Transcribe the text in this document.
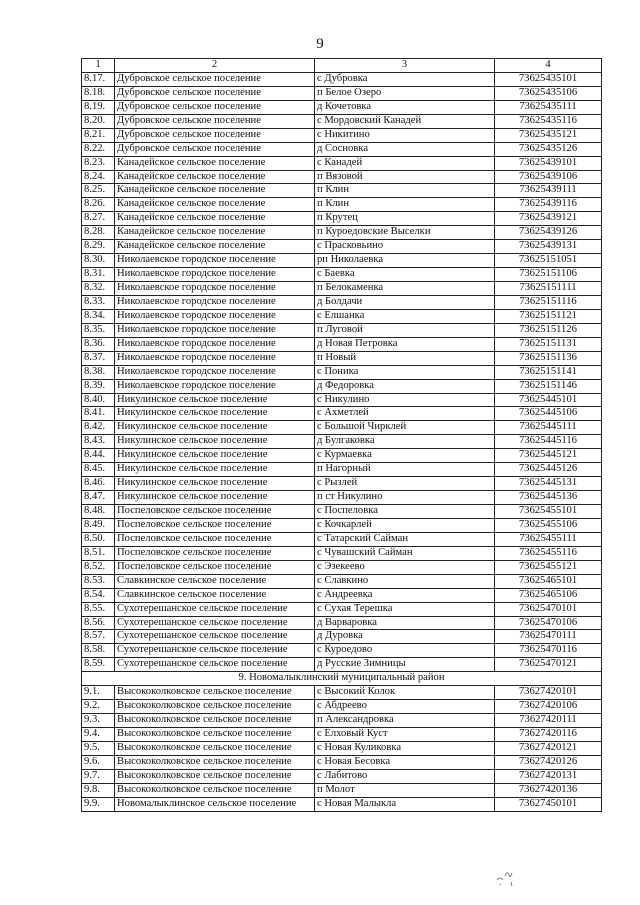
9
1	2	3	4
8.17.	Дубровское сельское поселение	с Дубровка	73625435101
8.18.	Дубровское сельское поселение	п Белое Озеро	73625435106
8.19.	Дубровское сельское поселение	д Кочетовка	73625435111
8.20.	Дубровское сельское поселение	с Мордовский Канадей	73625435116
8.21.	Дубровское сельское поселение	с Никитино	73625435121
8.22.	Дубровское сельское поселение	д Сосновка	73625435126
8.23.	Канадейское сельское поселение	с Канадей	73625439101
8.24.	Канадейское сельское поселение	п Вязовой	73625439106
8.25.	Канадейское сельское поселение	п Клин	73625439111
8.26.	Канадейское сельское поселение	п Клин	73625439116
8.27.	Канадейское сельское поселение	п Крутец	73625439121
8.28.	Канадейское сельское поселение	п Куроедовские Выселки	73625439126
8.29.	Канадейское сельское поселение	с Прасковьино	73625439131
8.30.	Николаевское городское поселение	рп Николаевка	73625151051
8.31.	Николаевское городское поселение	с Баевка	73625151106
8.32.	Николаевское городское поселение	п Белокаменка	73625151111
8.33.	Николаевское городское поселение	д Болдачи	73625151116
8.34.	Николаевское городское поселение	с Елшанка	73625151121
8.35.	Николаевское городское поселение	п Луговой	73625151126
8.36.	Николаевское городское поселение	д Новая Петровка	73625151131
8.37.	Николаевское городское поселение	п Новый	73625151136
8.38.	Николаевское городское поселение	с Поника	73625151141
8.39.	Николаевское городское поселение	д Федоровка	73625151146
8.40.	Никулинское сельское поселение	с Никулино	73625445101
8.41.	Никулинское сельское поселение	с Ахметлей	73625445106
8.42.	Никулинское сельское поселение	с Большой Чирклей	73625445111
8.43.	Никулинское сельское поселение	д Булгаковка	73625445116
8.44.	Никулинское сельское поселение	с Курмаевка	73625445121
8.45.	Никулинское сельское поселение	п Нагорный	73625445126
8.46.	Никулинское сельское поселение	с Рызлей	73625445131
8.47.	Никулинское сельское поселение	п ст Никулино	73625445136
8.48.	Поспеловское сельское поселение	с Поспеловка	73625455101
8.49.	Поспеловское сельское поселение	с Кочкарлей	73625455106
8.50.	Поспеловское сельское поселение	с Татарский Сайман	73625455111
8.51.	Поспеловское сельское поселение	с Чувашский Сайман	73625455116
8.52.	Поспеловское сельское поселение	с Эзекеево	73625455121
8.53.	Славкинское сельское поселение	с Славкино	73625465101
8.54.	Славкинское сельское поселение	с Андреевка	73625465106
8.55.	Сухотерешанское сельское поселение	с Сухая Терешка	73625470101
8.56.	Сухотерешанское сельское поселение	д Варваровка	73625470106
8.57.	Сухотерешанское сельское поселение	д Дуровка	73625470111
8.58.	Сухотерешанское сельское поселение	с Куроедово	73625470116
8.59.	Сухотерешанское сельское поселение	д Русские Зимницы	73625470121
9. Новомалыклинский муниципальный район			
9.1.	Высококолковское сельское поселение	с Высокий Колок	73627420101
9.2.	Высококолковское сельское поселение	с Абдреево	73627420106
9.3.	Высококолковское сельское поселение	п Александровка	73627420111
9.4.	Высококолковское сельское поселение	с Елховый Куст	73627420116
9.5.	Высококолковское сельское поселение	с Новая Куликовка	73627420121
9.6.	Высококолковское сельское поселение	с Новая Бесовка	73627420126
9.7.	Высококолковское сельское поселение	с Лабитово	73627420131
9.8.	Высококолковское сельское поселение	п Молот	73627420136
9.9.	Новомалыклинское сельское поселение	с Новая Малыкла	73627450101
